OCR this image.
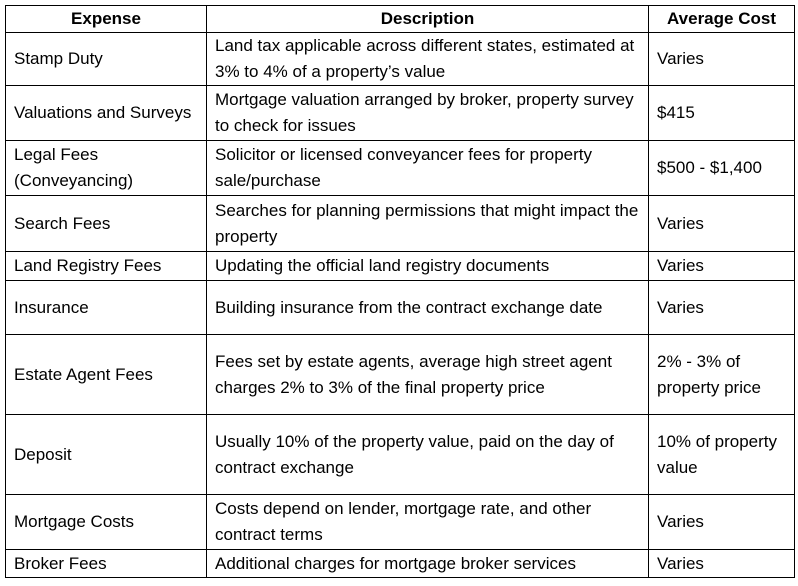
Expense	Description	Average Cost
Stamp Duty	Land tax applicable across different states, estimated at 3% to 4% of a property’s value	Varies
Valuations and Surveys	Mortgage valuation arranged by broker, property survey to check for issues	$415
Legal Fees (Conveyancing)	Solicitor or licensed conveyancer fees for property sale/purchase	$500 - $1,400
Search Fees	Searches for planning permissions that might impact the property	Varies
Land Registry Fees	Updating the official land registry documents	Varies
Insurance	Building insurance from the contract exchange date	Varies
Estate Agent Fees	Fees set by estate agents, average high street agent charges 2% to 3% of the final property price	2% - 3% of property price
Deposit	Usually 10% of the property value, paid on the day of contract exchange	10% of property value
Mortgage Costs	Costs depend on lender, mortgage rate, and other contract terms	Varies
Broker Fees	Additional charges for mortgage broker services	Varies
